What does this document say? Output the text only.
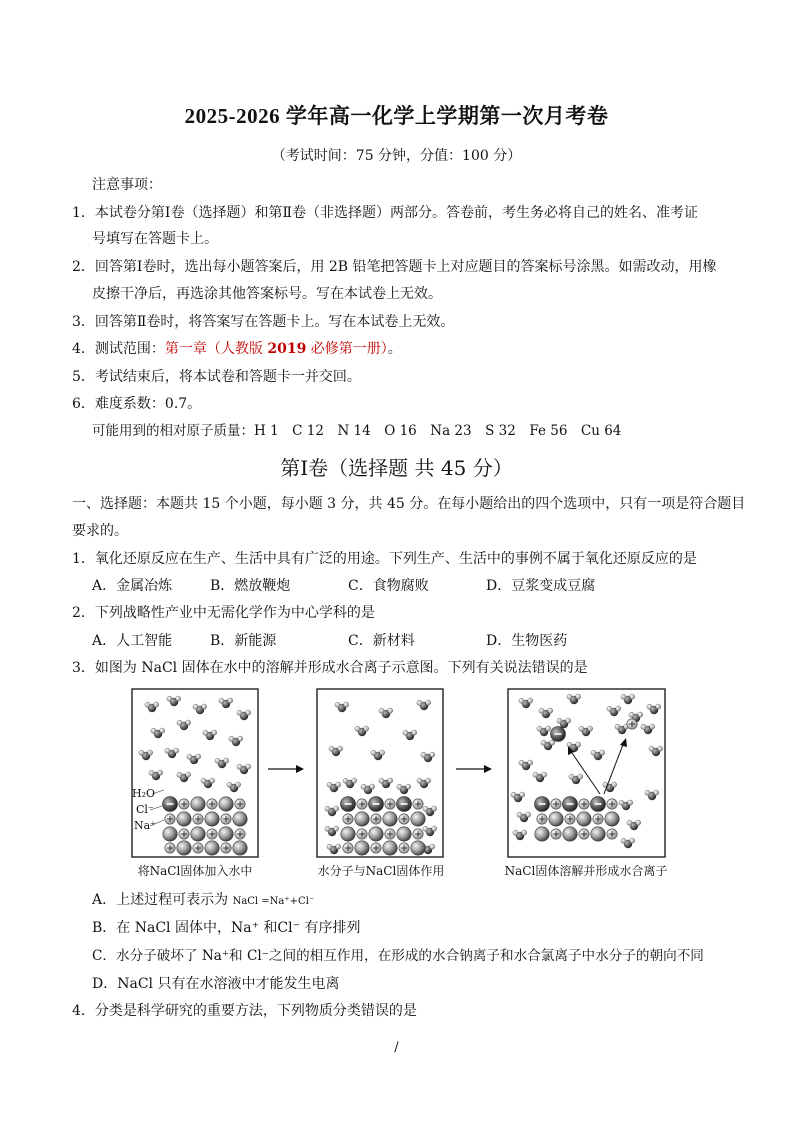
2025-2026 学年高一化学上学期第一次月考卷
（考试时间：75 分钟，分值：100 分）
注意事项：
1．本试卷分第Ⅰ卷（选择题）和第Ⅱ卷（非选择题）两部分。答卷前，考生务必将自己的姓名、准考证
号填写在答题卡上。
2．回答第Ⅰ卷时，选出每小题答案后，用 2B 铅笔把答题卡上对应题目的答案标号涂黑。如需改动，用橡
皮擦干净后，再选涂其他答案标号。写在本试卷上无效。
3．回答第Ⅱ卷时，将答案写在答题卡上。写在本试卷上无效。
4．测试范围：第一章（人教版 2019 必修第一册）。
5．考试结束后，将本试卷和答题卡一并交回。
6．难度系数：0.7。
可能用到的相对原子质量：H 1　C 12　N 14　O 16　Na 23　S 32　Fe 56　Cu 64
第Ⅰ卷（选择题 共 45 分）
一、选择题：本题共 15 个小题，每小题 3 分，共 45 分。在每小题给出的四个选项中，只有一项是符合题目
要求的。
1．氧化还原反应在生产、生活中具有广泛的用途。下列生产、生活中的事例不属于氧化还原反应的是
A．金属冶炼	B．燃放鞭炮	C．食物腐败	D．豆浆变成豆腐
2．下列战略性产业中无需化学作为中心学科的是
A．人工智能	B．新能源	C．新材料	D．生物医药
3．如图为 NaCl 固体在水中的溶解并形成水合离子示意图。下列有关说法错误的是
H₂O
Cl⁻
Na⁺
将NaCl固体加入水中	水分子与NaCl固体作用	NaCl固体溶解并形成水合离子
A．上述过程可表示为 NaCl =Na⁺+Cl⁻
B．在 NaCl 固体中，Na⁺ 和Cl⁻ 有序排列
C．水分子破坏了 Na⁺和 Cl⁻之间的相互作用，在形成的水合钠离子和水合氯离子中水分子的朝向不同
D．NaCl 只有在水溶液中才能发生电离
4．分类是科学研究的重要方法，下列物质分类错误的是
/
